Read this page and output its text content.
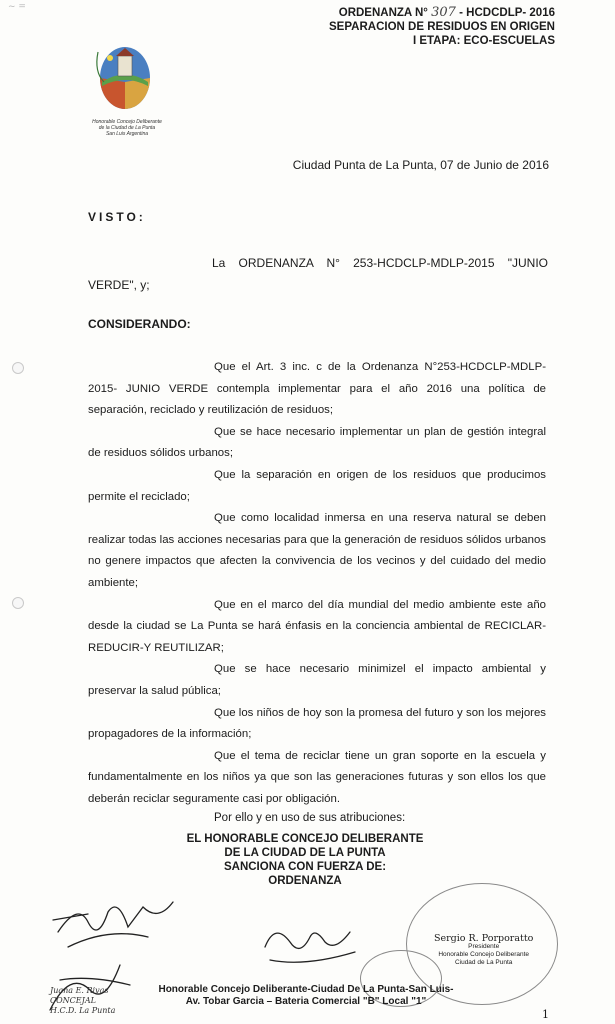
~ =	ORDENANZA N° 307 - HCDCDLP- 2016
SEPARACION DE RESIDUOS EN ORIGEN
I ETAPA: ECO-ESCUELAS
Honorable Concejo Deliberante
de la Ciudad de La Punta
San Luis Argentina
Ciudad Punta de La Punta, 07 de Junio de 2016
VISTO:
La ORDENANZA N° 253-HCDCLP-MDLP-2015 "JUNIO VERDE", y;
CONSIDERANDO:

Que el Art. 3 inc. c de la Ordenanza N°253-HCDCLP-MDLP-2015- JUNIO VERDE contempla implementar para el año 2016 una política de separación, reciclado y reutilización de residuos;

Que se hace necesario implementar un plan de gestión integral de residuos sólidos urbanos;

Que la separación en origen de los residuos que producimos permite el reciclado;

Que como localidad inmersa en una reserva natural se deben realizar todas las acciones necesarias para que la generación de residuos sólidos urbanos no genere impactos que afecten la convivencia de los vecinos y del cuidado del medio ambiente;

Que en el marco del día mundial del medio ambiente este año desde la ciudad se La Punta se hará énfasis en la conciencia ambiental de RECICLAR-REDUCIR-Y REUTILIZAR;

Que se hace necesario minimizel el impacto ambiental y preservar la salud pública;

Que los niños de hoy son la promesa del futuro y son los mejores propagadores de la información;

Que el tema de reciclar tiene un gran soporte en la escuela y fundamentalmente en los niños ya que son las generaciones futuras y son ellos los que deberán reciclar seguramente casi por obligación.

Por ello y en uso de sus atribuciones:
EL HONORABLE CONCEJO DELIBERANTE
DE LA CIUDAD DE LA PUNTA
SANCIONA CON FUERZA DE:
ORDENANZA
Sergio R. Porporatto
Presidente
Honorable Concejo Deliberante
Ciudad de La Punta
Juana E. Rivas
CONCEJAL
H.C.D. La Punta
Honorable Concejo Deliberante-Ciudad De La Punta-San Luis-
Av. Tobar Garcia – Bateria Comercial "B" Local "1"
1
